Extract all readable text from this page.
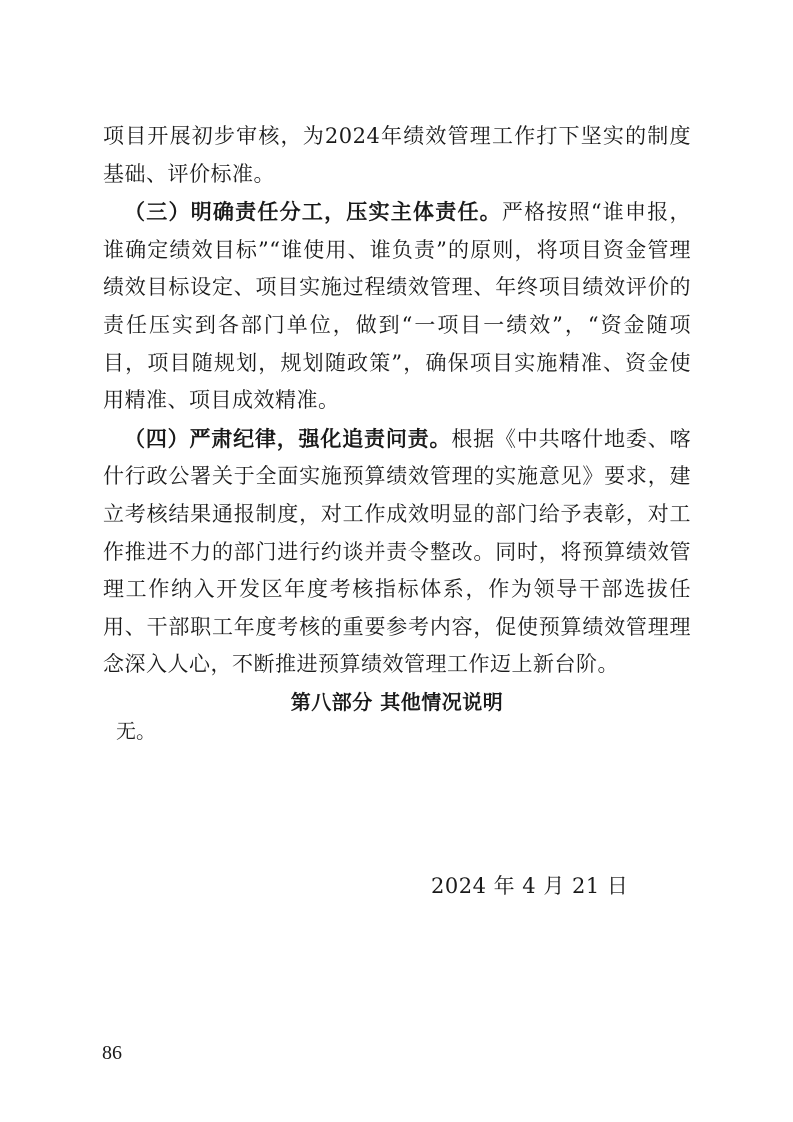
项目开展初步审核，为2024年绩效管理工作打下坚实的制度基础、评价标准。

（三）明确责任分工，压实主体责任。严格按照“谁申报，谁确定绩效目标”“谁使用、谁负责”的原则，将项目资金管理绩效目标设定、项目实施过程绩效管理、年终项目绩效评价的责任压实到各部门单位，做到“一项目一绩效”，“资金随项目，项目随规划，规划随政策”，确保项目实施精准、资金使用精准、项目成效精准。

（四）严肃纪律，强化追责问责。根据《中共喀什地委、喀什行政公署关于全面实施预算绩效管理的实施意见》要求，建立考核结果通报制度，对工作成效明显的部门给予表彰，对工作推进不力的部门进行约谈并责令整改。同时，将预算绩效管理工作纳入开发区年度考核指标体系，作为领导干部选拔任用、干部职工年度考核的重要参考内容，促使预算绩效管理理念深入人心，不断推进预算绩效管理工作迈上新台阶。

第八部分 其他情况说明

无。

2024 年 4 月 21 日
86
